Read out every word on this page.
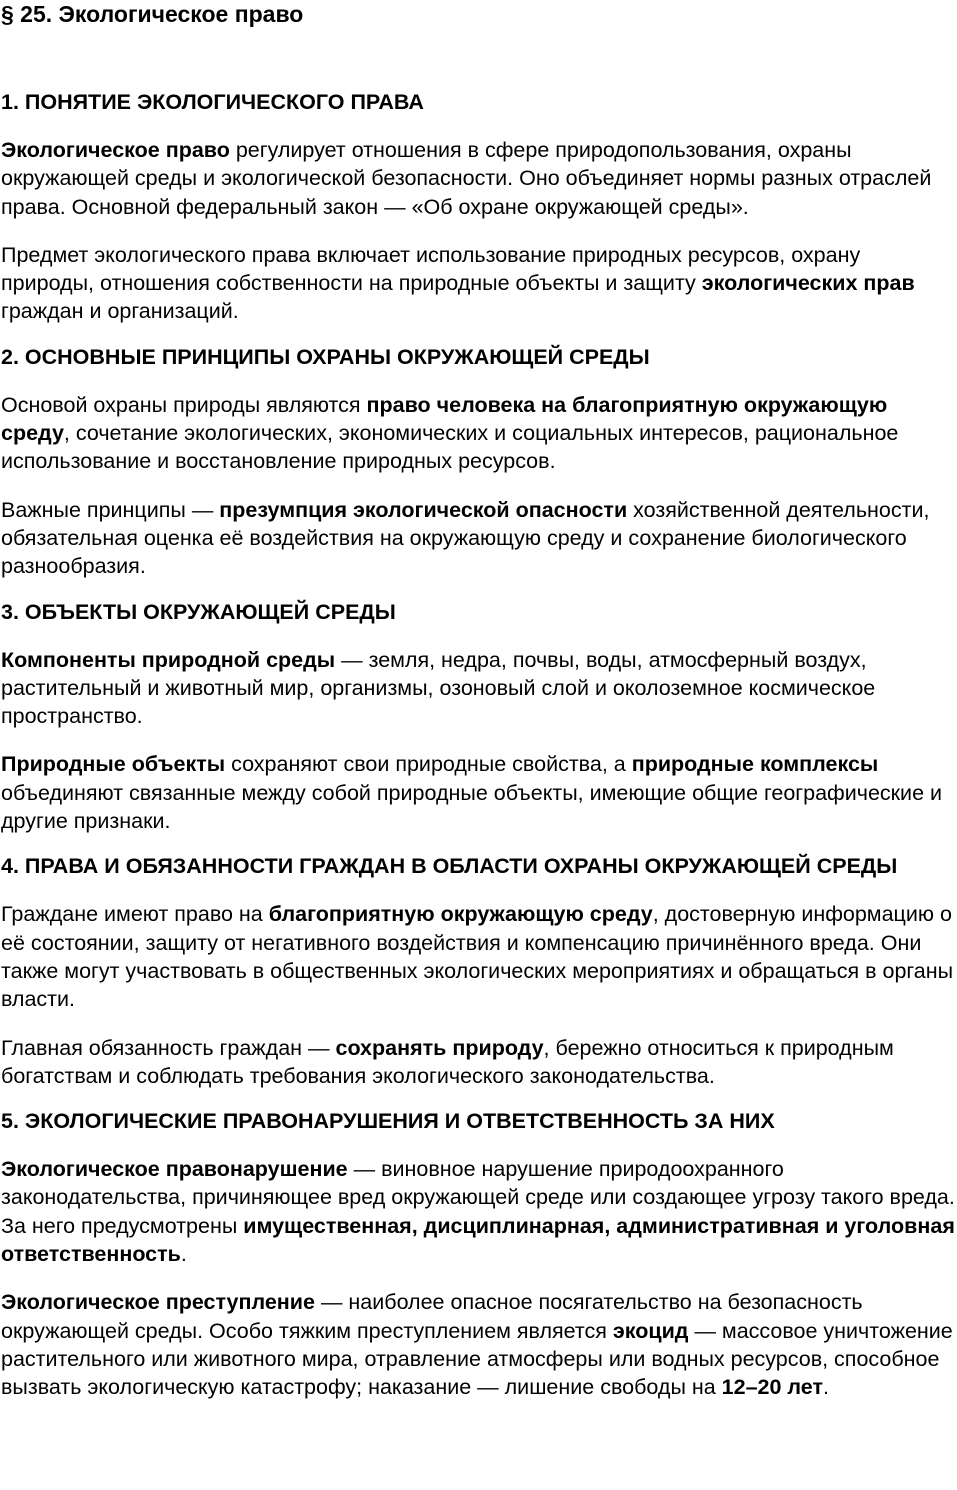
§ 25. Экологическое право
1. ПОНЯТИЕ ЭКОЛОГИЧЕСКОГО ПРАВА

Экологическое право регулирует отношения в сфере природопользования, охраны окружающей среды и экологической безопасности. Оно объединяет нормы разных отраслей права. Основной федеральный закон — «Об охране окружающей среды».

Предмет экологического права включает использование природных ресурсов, охрану природы, отношения собственности на природные объекты и защиту экологических прав граждан и организаций.

2. ОСНОВНЫЕ ПРИНЦИПЫ ОХРАНЫ ОКРУЖАЮЩЕЙ СРЕДЫ

Основой охраны природы являются право человека на благоприятную окружающую среду, сочетание экологических, экономических и социальных интересов, рациональное использование и восстановление природных ресурсов.

Важные принципы — презумпция экологической опасности хозяйственной деятельности, обязательная оценка её воздействия на окружающую среду и сохранение биологического разнообразия.

3. ОБЪЕКТЫ ОКРУЖАЮЩЕЙ СРЕДЫ

Компоненты природной среды — земля, недра, почвы, воды, атмосферный воздух, растительный и животный мир, организмы, озоновый слой и околоземное космическое пространство.

Природные объекты сохраняют свои природные свойства, а природные комплексы объединяют связанные между собой природные объекты, имеющие общие географические и другие признаки.

4. ПРАВА И ОБЯЗАННОСТИ ГРАЖДАН В ОБЛАСТИ ОХРАНЫ ОКРУЖАЮЩЕЙ СРЕДЫ

Граждане имеют право на благоприятную окружающую среду, достоверную информацию о её состоянии, защиту от негативного воздействия и компенсацию причинённого вреда. Они также могут участвовать в общественных экологических мероприятиях и обращаться в органы власти.

Главная обязанность граждан — сохранять природу, бережно относиться к природным богатствам и соблюдать требования экологического законодательства.

5. ЭКОЛОГИЧЕСКИЕ ПРАВОНАРУШЕНИЯ И ОТВЕТСТВЕННОСТЬ ЗА НИХ

Экологическое правонарушение — виновное нарушение природоохранного законодательства, причиняющее вред окружающей среде или создающее угрозу такого вреда. За него предусмотрены имущественная, дисциплинарная, административная и уголовная ответственность.

Экологическое преступление — наиболее опасное посягательство на безопасность окружающей среды. Особо тяжким преступлением является экоцид — массовое уничтожение растительного или животного мира, отравление атмосферы или водных ресурсов, способное вызвать экологическую катастрофу; наказание — лишение свободы на 12–20 лет.
